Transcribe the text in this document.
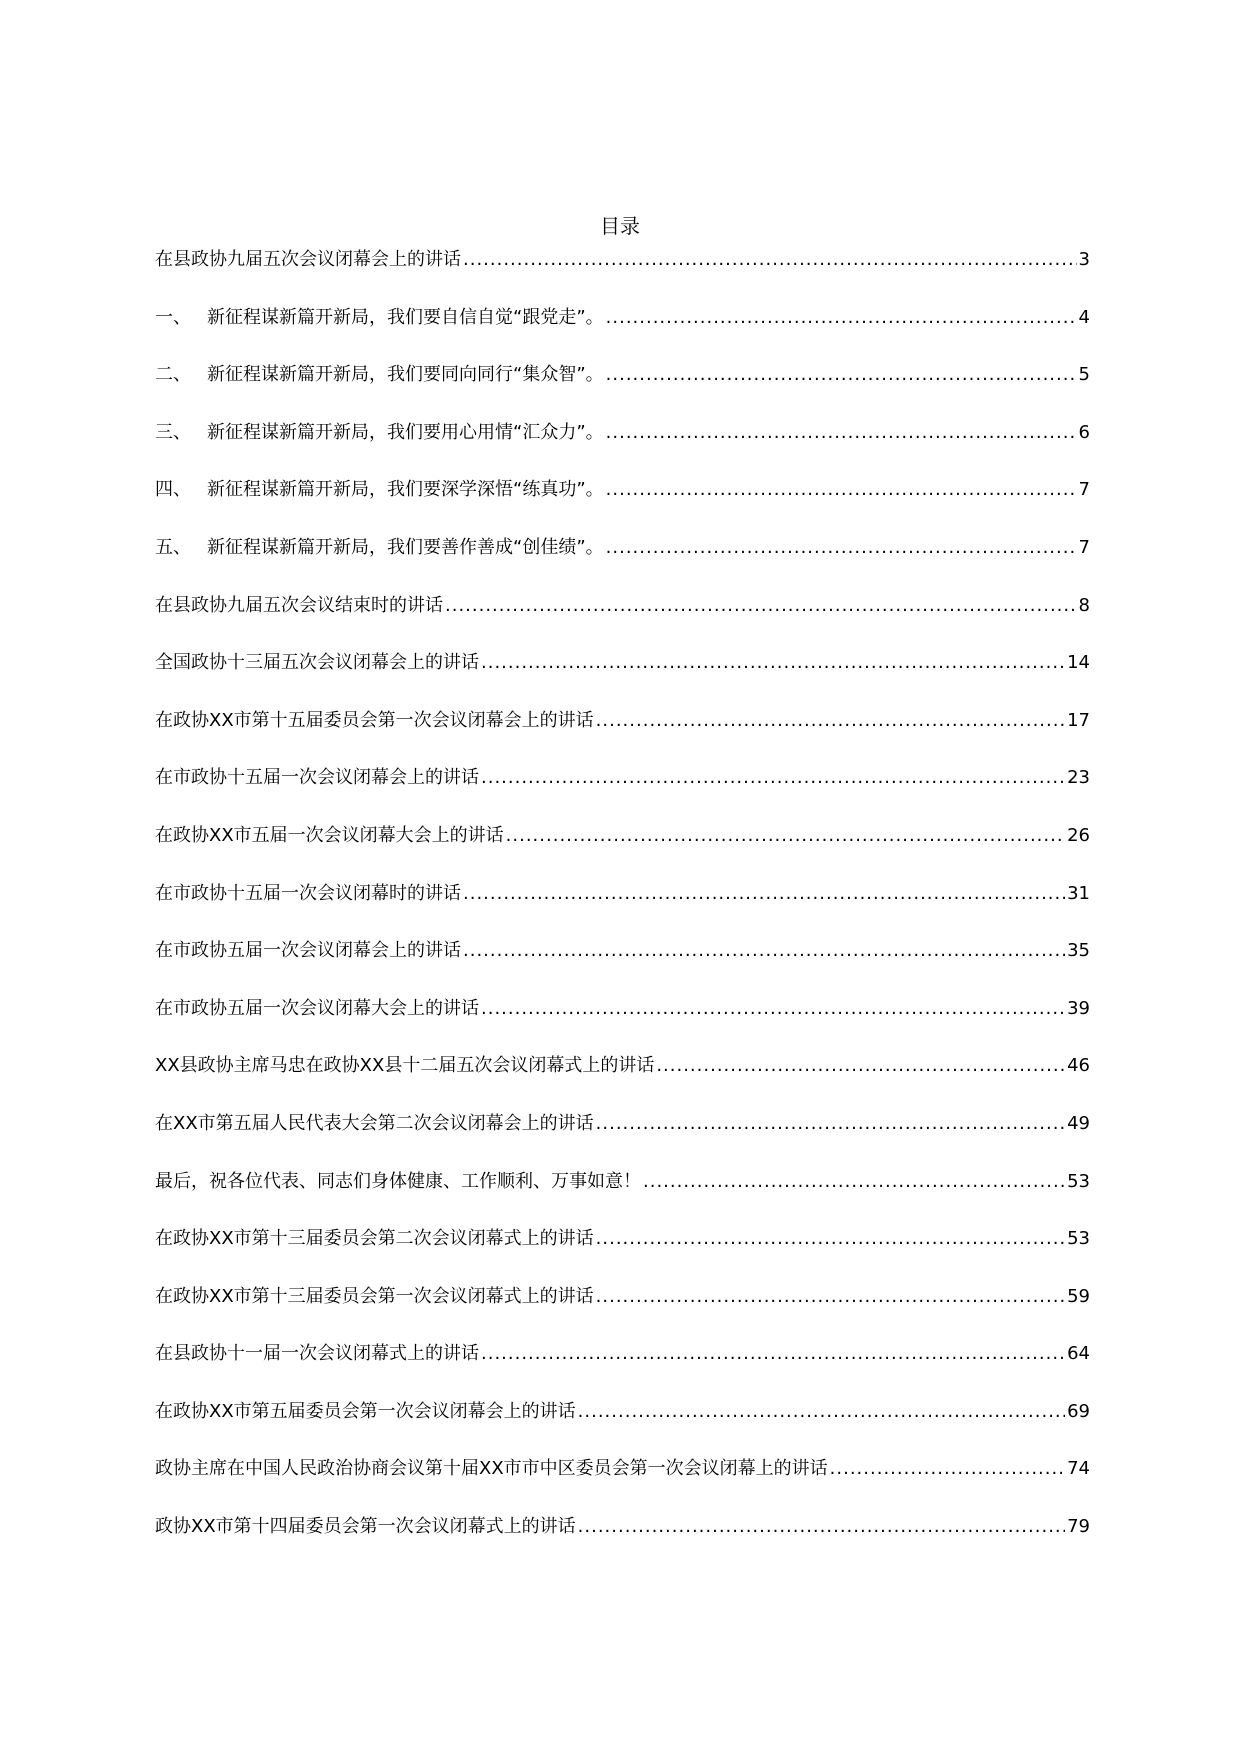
目录
在县政协九届五次会议闭幕会上的讲话 .....	3
一、 新征程谋新篇开新局，我们要自信自觉“跟党走”。 .....	4
二、 新征程谋新篇开新局，我们要同向同行“集众智”。 .....	5
三、 新征程谋新篇开新局，我们要用心用情“汇众力”。 .....	6
四、 新征程谋新篇开新局，我们要深学深悟“练真功”。 .....	7
五、 新征程谋新篇开新局，我们要善作善成“创佳绩”。 .....	7
在县政协九届五次会议结束时的讲话 .....	8
全国政协十三届五次会议闭幕会上的讲话 .....	14
在政协XX市第十五届委员会第一次会议闭幕会上的讲话 .....	17
在市政协十五届一次会议闭幕会上的讲话 .....	23
在政协XX市五届一次会议闭幕大会上的讲话 .....	26
在市政协十五届一次会议闭幕时的讲话 .....	31
在市政协五届一次会议闭幕会上的讲话 .....	35
在市政协五届一次会议闭幕大会上的讲话 .....	39
XX县政协主席马忠在政协XX县十二届五次会议闭幕式上的讲话 .....	46
在XX市第五届人民代表大会第二次会议闭幕会上的讲话 .....	49
最后，祝各位代表、同志们身体健康、工作顺利、万事如意！ .....	53
在政协XX市第十三届委员会第二次会议闭幕式上的讲话 .....	53
在政协XX市第十三届委员会第一次会议闭幕式上的讲话 .....	59
在县政协十一届一次会议闭幕式上的讲话 .....	64
在政协XX市第五届委员会第一次会议闭幕会上的讲话 .....	69
政协主席在中国人民政治协商会议第十届XX市市中区委员会第一次会议闭幕上的讲话 .....	74
政协XX市第十四届委员会第一次会议闭幕式上的讲话 .....	79
